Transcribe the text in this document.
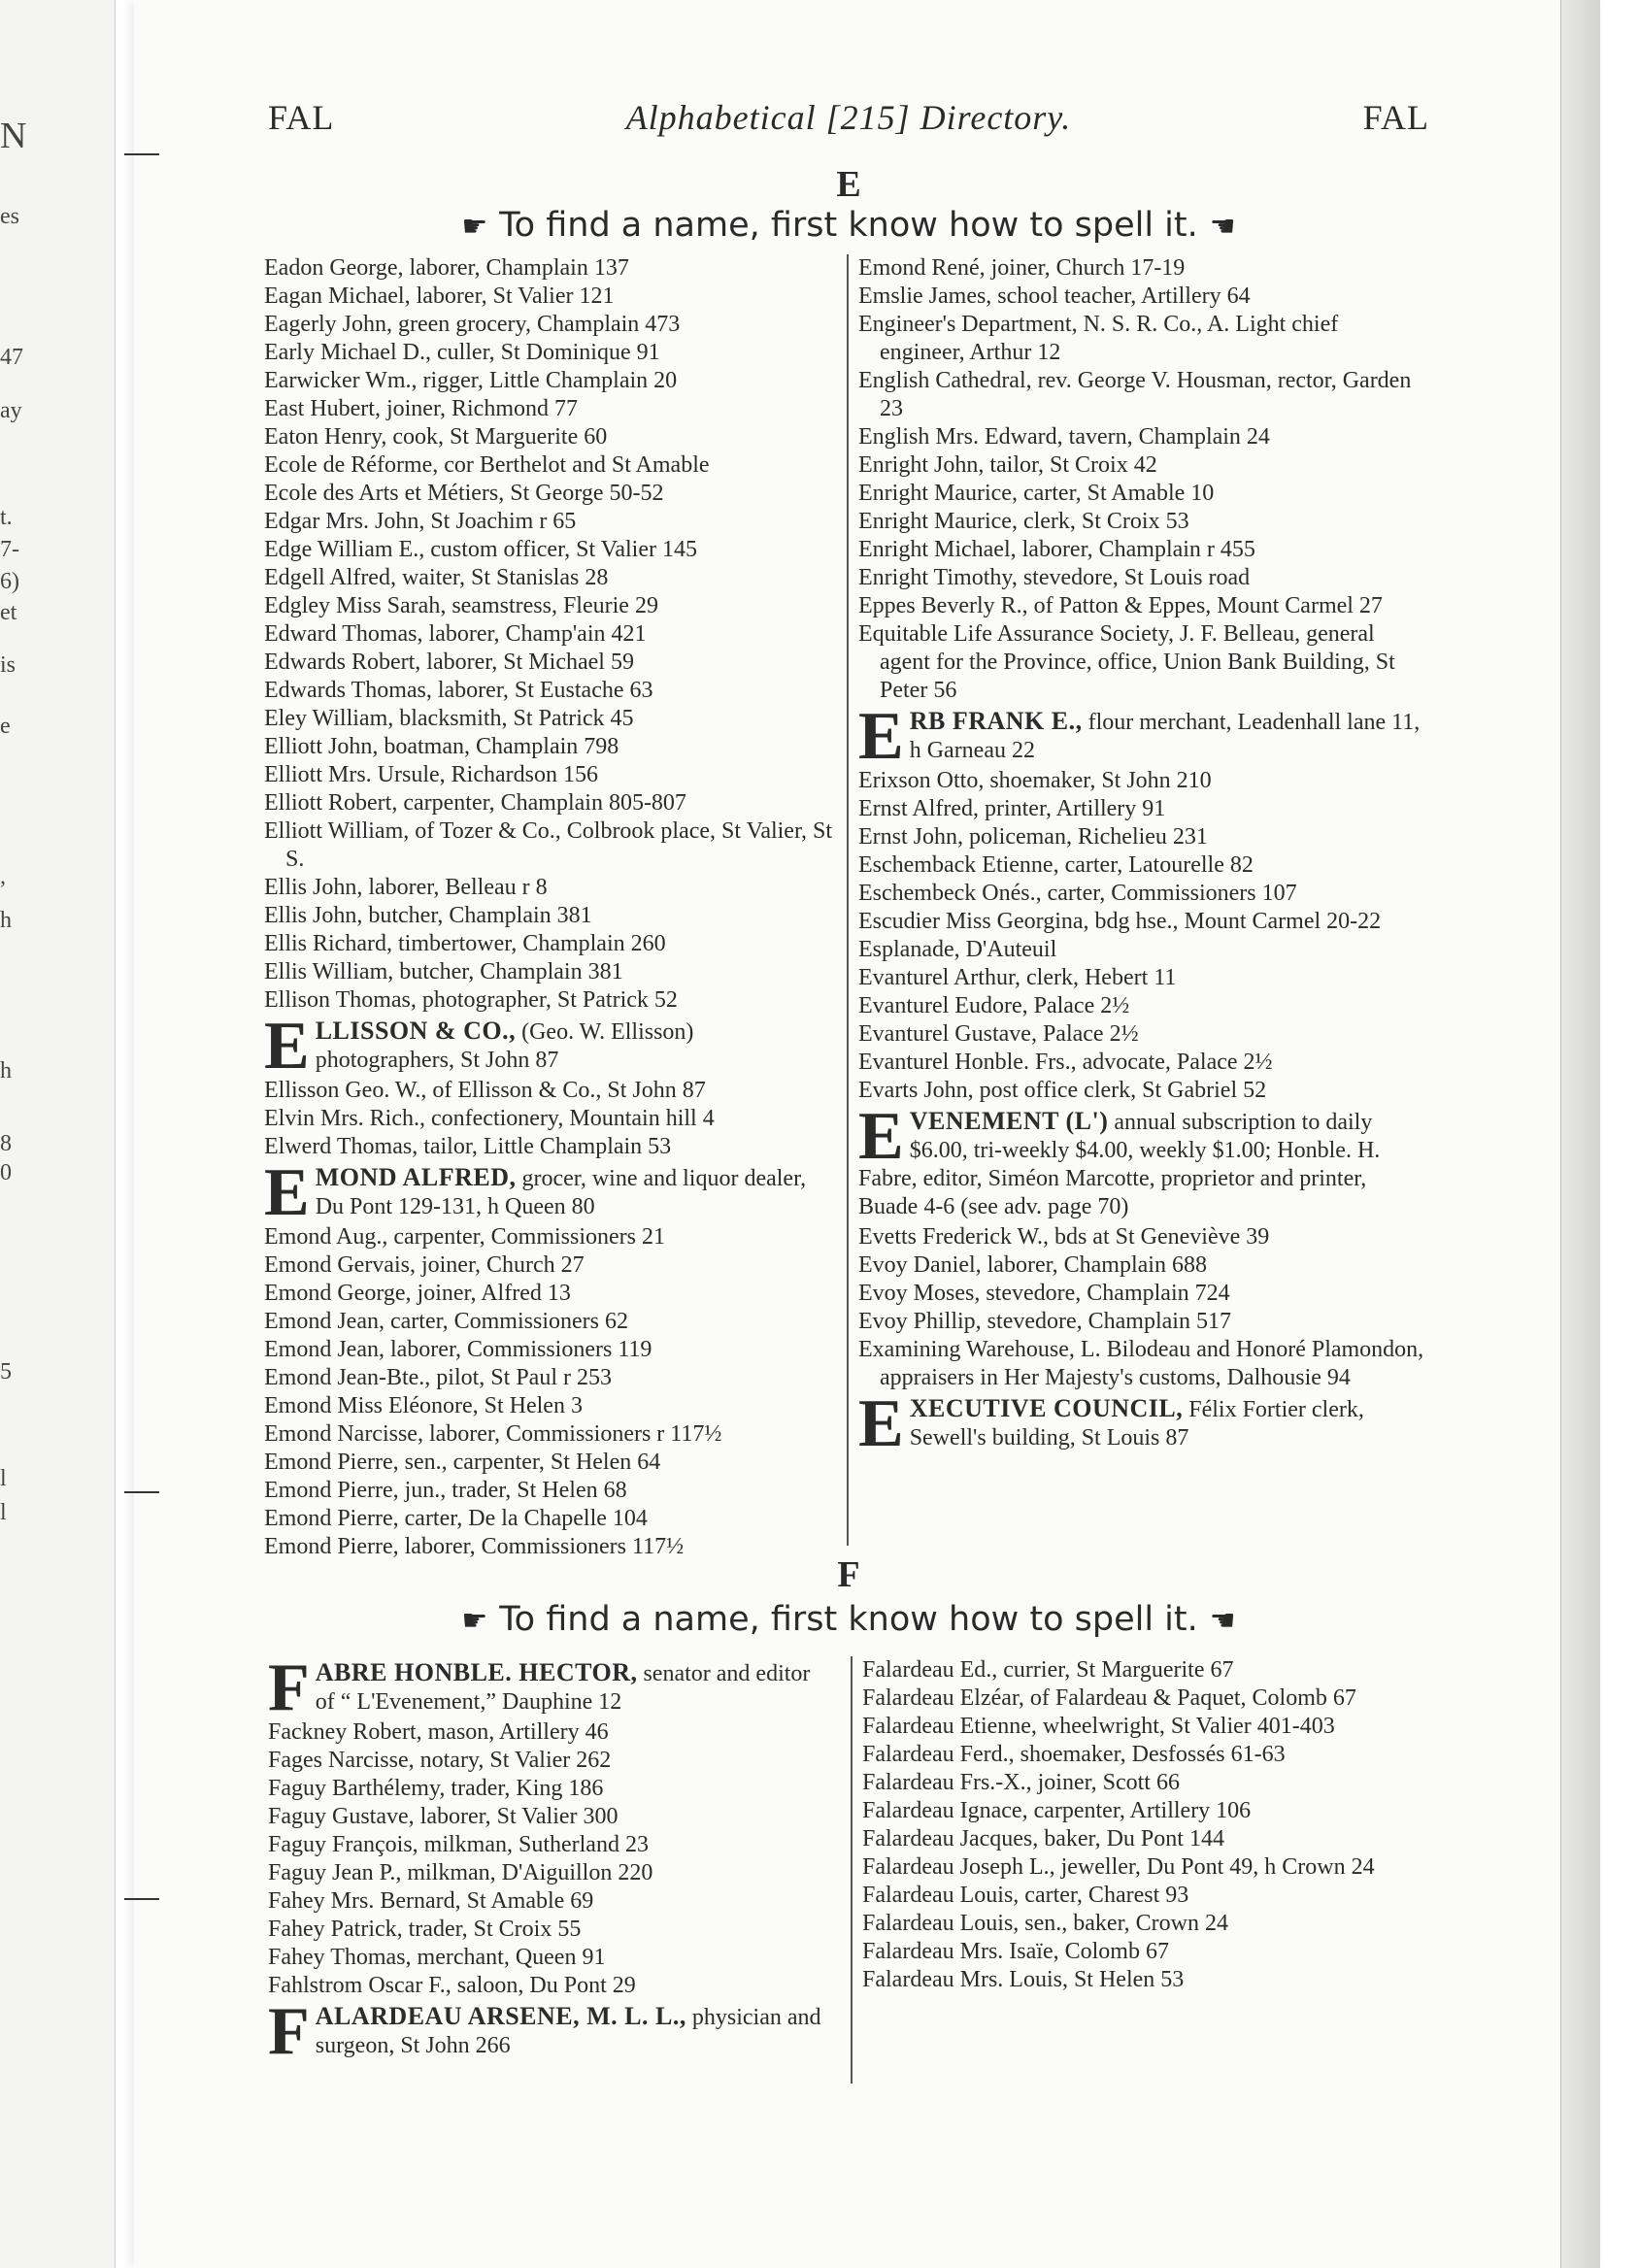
N
es
47
ay
t.
7-
6)
et
is
e
,
h
h
8
0
5
l
l
FAL	Alphabetical [215] Directory.	FAL
E
☛ To find a name, first know how to spell it. ☚

Eadon George, laborer, Champlain 137

Eagan Michael, laborer, St Valier 121

Eagerly John, green grocery, Champlain 473

Early Michael D., culler, St Dominique 91

Earwicker Wm., rigger, Little Champlain 20

East Hubert, joiner, Richmond 77

Eaton Henry, cook, St Marguerite 60

Ecole de Réforme, cor Berthelot and St Amable

Ecole des Arts et Métiers, St George 50-52

Edgar Mrs. John, St Joachim r 65

Edge William E., custom officer, St Valier 145

Edgell Alfred, waiter, St Stanislas 28

Edgley Miss Sarah, seamstress, Fleurie 29

Edward Thomas, laborer, Champ'ain 421

Edwards Robert, laborer, St Michael 59

Edwards Thomas, laborer, St Eustache 63

Eley William, blacksmith, St Patrick 45

Elliott John, boatman, Champlain 798

Elliott Mrs. Ursule, Richardson 156

Elliott Robert, carpenter, Champlain 805-807

Elliott William, of Tozer & Co., Colbrook place, St Valier, St S.

Ellis John, laborer, Belleau r 8

Ellis John, butcher, Champlain 381

Ellis Richard, timbertower, Champlain 260

Ellis William, butcher, Champlain 381

Ellison Thomas, photographer, St Patrick 52

ELLISSON & CO., (Geo. W. Ellisson) photographers, St John 87

Ellisson Geo. W., of Ellisson & Co., St John 87

Elvin Mrs. Rich., confectionery, Mountain hill 4

Elwerd Thomas, tailor, Little Champlain 53

EMOND ALFRED, grocer, wine and liquor dealer, Du Pont 129-131, h Queen 80

Emond Aug., carpenter, Commissioners 21

Emond Gervais, joiner, Church 27

Emond George, joiner, Alfred 13

Emond Jean, carter, Commissioners 62

Emond Jean, laborer, Commissioners 119

Emond Jean-Bte., pilot, St Paul r 253

Emond Miss Eléonore, St Helen 3

Emond Narcisse, laborer, Commissioners r 117½

Emond Pierre, sen., carpenter, St Helen 64

Emond Pierre, jun., trader, St Helen 68

Emond Pierre, carter, De la Chapelle 104

Emond Pierre, laborer, Commissioners 117½

Emond René, joiner, Church 17-19

Emslie James, school teacher, Artillery 64

Engineer's Department, N. S. R. Co., A. Light chief engineer, Arthur 12

English Cathedral, rev. George V. Housman, rector, Garden 23

English Mrs. Edward, tavern, Champlain 24

Enright John, tailor, St Croix 42

Enright Maurice, carter, St Amable 10

Enright Maurice, clerk, St Croix 53

Enright Michael, laborer, Champlain r 455

Enright Timothy, stevedore, St Louis road

Eppes Beverly R., of Patton & Eppes, Mount Carmel 27

Equitable Life Assurance Society, J. F. Belleau, general agent for the Province, office, Union Bank Building, St Peter 56

ERB FRANK E., flour merchant, Leadenhall lane 11, h Garneau 22

Erixson Otto, shoemaker, St John 210

Ernst Alfred, printer, Artillery 91

Ernst John, policeman, Richelieu 231

Eschemback Etienne, carter, Latourelle 82

Eschembeck Onés., carter, Commissioners 107

Escudier Miss Georgina, bdg hse., Mount Carmel 20-22

Esplanade, D'Auteuil

Evanturel Arthur, clerk, Hebert 11

Evanturel Eudore, Palace 2½

Evanturel Gustave, Palace 2½

Evanturel Honble. Frs., advocate, Palace 2½

Evarts John, post office clerk, St Gabriel 52

EVENEMENT (L') annual subscription to daily $6.00, tri-weekly $4.00, weekly $1.00; Honble. H. Fabre, editor, Siméon Marcotte, proprietor and printer, Buade 4-6 (see adv. page 70)

Evetts Frederick W., bds at St Geneviève 39

Evoy Daniel, laborer, Champlain 688

Evoy Moses, stevedore, Champlain 724

Evoy Phillip, stevedore, Champlain 517

Examining Warehouse, L. Bilodeau and Honoré Plamondon, appraisers in Her Majesty's customs, Dalhousie 94

EXECUTIVE COUNCIL, Félix Fortier clerk, Sewell's building, St Louis 87

F
☛ To find a name, first know how to spell it. ☚

FABRE HONBLE. HECTOR, senator and editor of “ L'Evenement,” Dauphine 12

Fackney Robert, mason, Artillery 46

Fages Narcisse, notary, St Valier 262

Faguy Barthélemy, trader, King 186

Faguy Gustave, laborer, St Valier 300

Faguy François, milkman, Sutherland 23

Faguy Jean P., milkman, D'Aiguillon 220

Fahey Mrs. Bernard, St Amable 69

Fahey Patrick, trader, St Croix 55

Fahey Thomas, merchant, Queen 91

Fahlstrom Oscar F., saloon, Du Pont 29

FALARDEAU ARSENE, M. L. L., physician and surgeon, St John 266

Falardeau Ed., currier, St Marguerite 67

Falardeau Elzéar, of Falardeau & Paquet, Colomb 67

Falardeau Etienne, wheelwright, St Valier 401-403

Falardeau Ferd., shoemaker, Desfossés 61-63

Falardeau Frs.-X., joiner, Scott 66

Falardeau Ignace, carpenter, Artillery 106

Falardeau Jacques, baker, Du Pont 144

Falardeau Joseph L., jeweller, Du Pont 49, h Crown 24

Falardeau Louis, carter, Charest 93

Falardeau Louis, sen., baker, Crown 24

Falardeau Mrs. Isaïe, Colomb 67

Falardeau Mrs. Louis, St Helen 53
